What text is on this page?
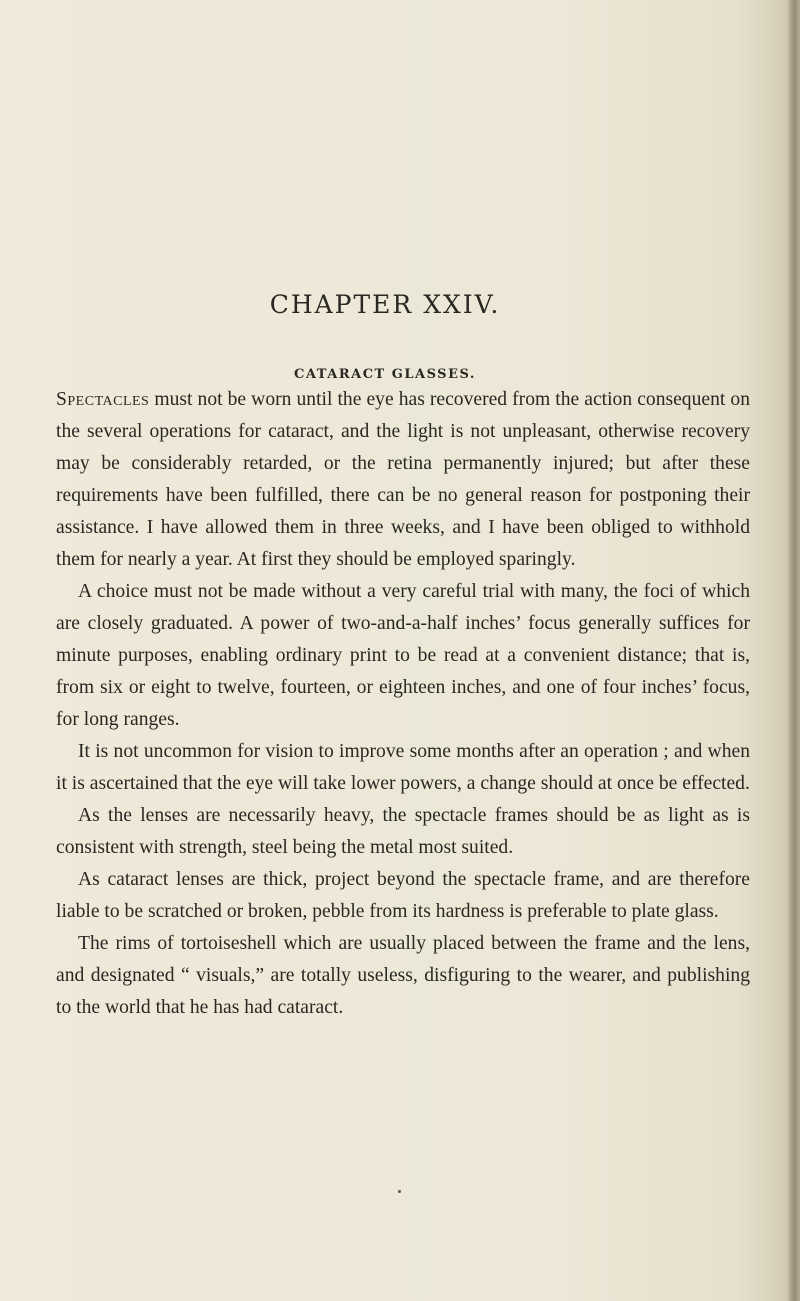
CHAPTER XXIV.
CATARACT GLASSES.

Spectacles must not be worn until the eye has recovered from the action consequent on the several operations for cataract, and the light is not unpleasant, otherwise recovery may be considerably retarded, or the retina permanently injured; but after these requirements have been fulfilled, there can be no general reason for postponing their assistance. I have allowed them in three weeks, and I have been obliged to withhold them for nearly a year. At first they should be employed sparingly.

A choice must not be made without a very careful trial with many, the foci of which are closely graduated. A power of two-and-a-half inches’ focus generally suffices for minute purposes, enabling ordinary print to be read at a convenient distance; that is, from six or eight to twelve, fourteen, or eighteen inches, and one of four inches’ focus, for long ranges.

It is not uncommon for vision to improve some months after an operation ; and when it is ascertained that the eye will take lower powers, a change should at once be effected.

As the lenses are necessarily heavy, the spectacle frames should be as light as is consistent with strength, steel being the metal most suited.

As cataract lenses are thick, project beyond the spectacle frame, and are therefore liable to be scratched or broken, pebble from its hardness is preferable to plate glass.

The rims of tortoiseshell which are usually placed between the frame and the lens, and designated “ visuals,” are totally useless, disfiguring to the wearer, and publishing to the world that he has had cataract.
